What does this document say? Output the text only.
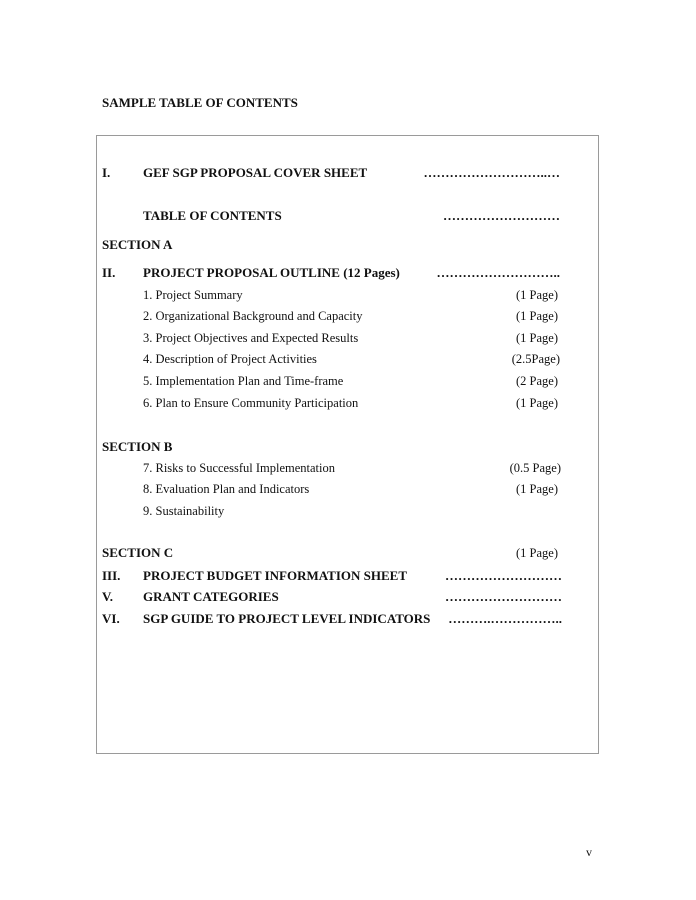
SAMPLE TABLE OF CONTENTS
I.	GEF SGP PROPOSAL COVER SHEET	………………………..…
TABLE OF CONTENTS	………………………
SECTION A
II. PROJECT PROPOSAL OUTLINE (12 Pages)	………………………..
1. Project Summary	(1 Page)
2. Organizational Background and Capacity	(1 Page)
3. Project Objectives and Expected Results	(1 Page)
4. Description of Project Activities	(2.5Page)
5. Implementation Plan and Time-frame	(2 Page)
6. Plan to Ensure Community Participation	(1 Page)
SECTION B
7. Risks to Successful Implementation	(0.5 Page)
8. Evaluation Plan and Indicators	(1 Page)
9. Sustainability
SECTION C	(1 Page)
III. PROJECT BUDGET INFORMATION SHEET	………………………
V. GRANT CATEGORIES	………………………
VI. SGP GUIDE TO PROJECT LEVEL INDICATORS ……….……………..
v
